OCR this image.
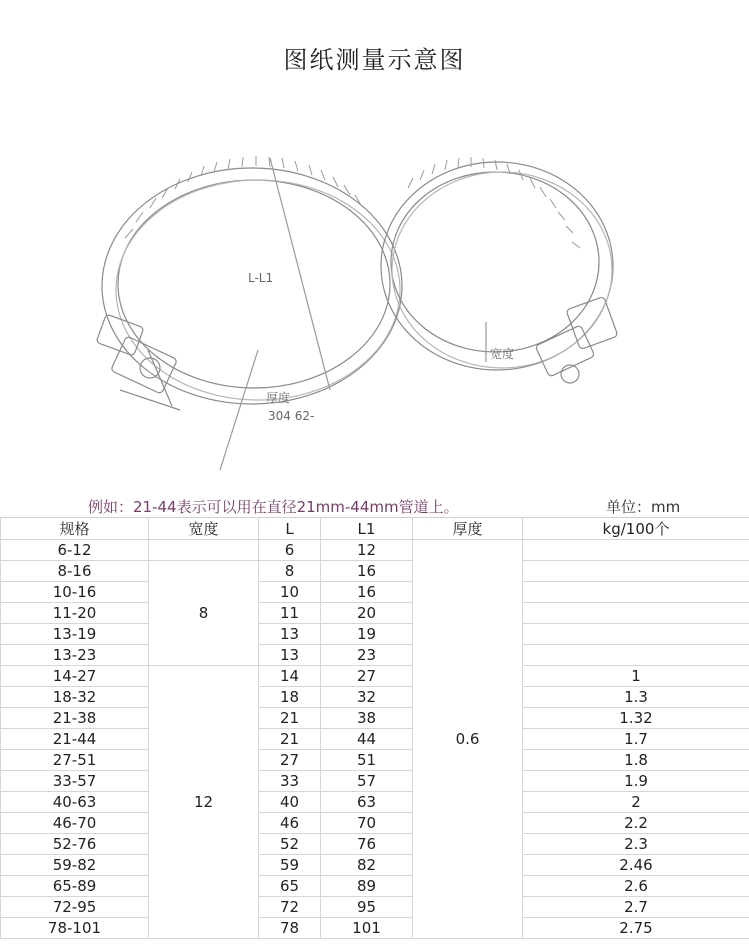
图纸测量示意图
L-L1
厚度
304 62-
宽度
例如：21-44表示可以用在直径21mm-44mm管道上。	单位：mm
规格	宽度	L	L1	厚度	kg/100个
6-12		6	12	0.6	
8-16	8	8	16		
10-16		10	16		
11-20		11	20		
13-19		13	19		
13-23		13	23		
14-27	12	14	27		1
18-32		18	32		1.3
21-38		21	38		1.32
21-44		21	44		1.7
27-51		27	51		1.8
33-57		33	57		1.9
40-63		40	63		2
46-70		46	70		2.2
52-76		52	76		2.3
59-82		59	82		2.46
65-89		65	89		2.6
72-95		72	95		2.7
78-101		78	101		2.75
